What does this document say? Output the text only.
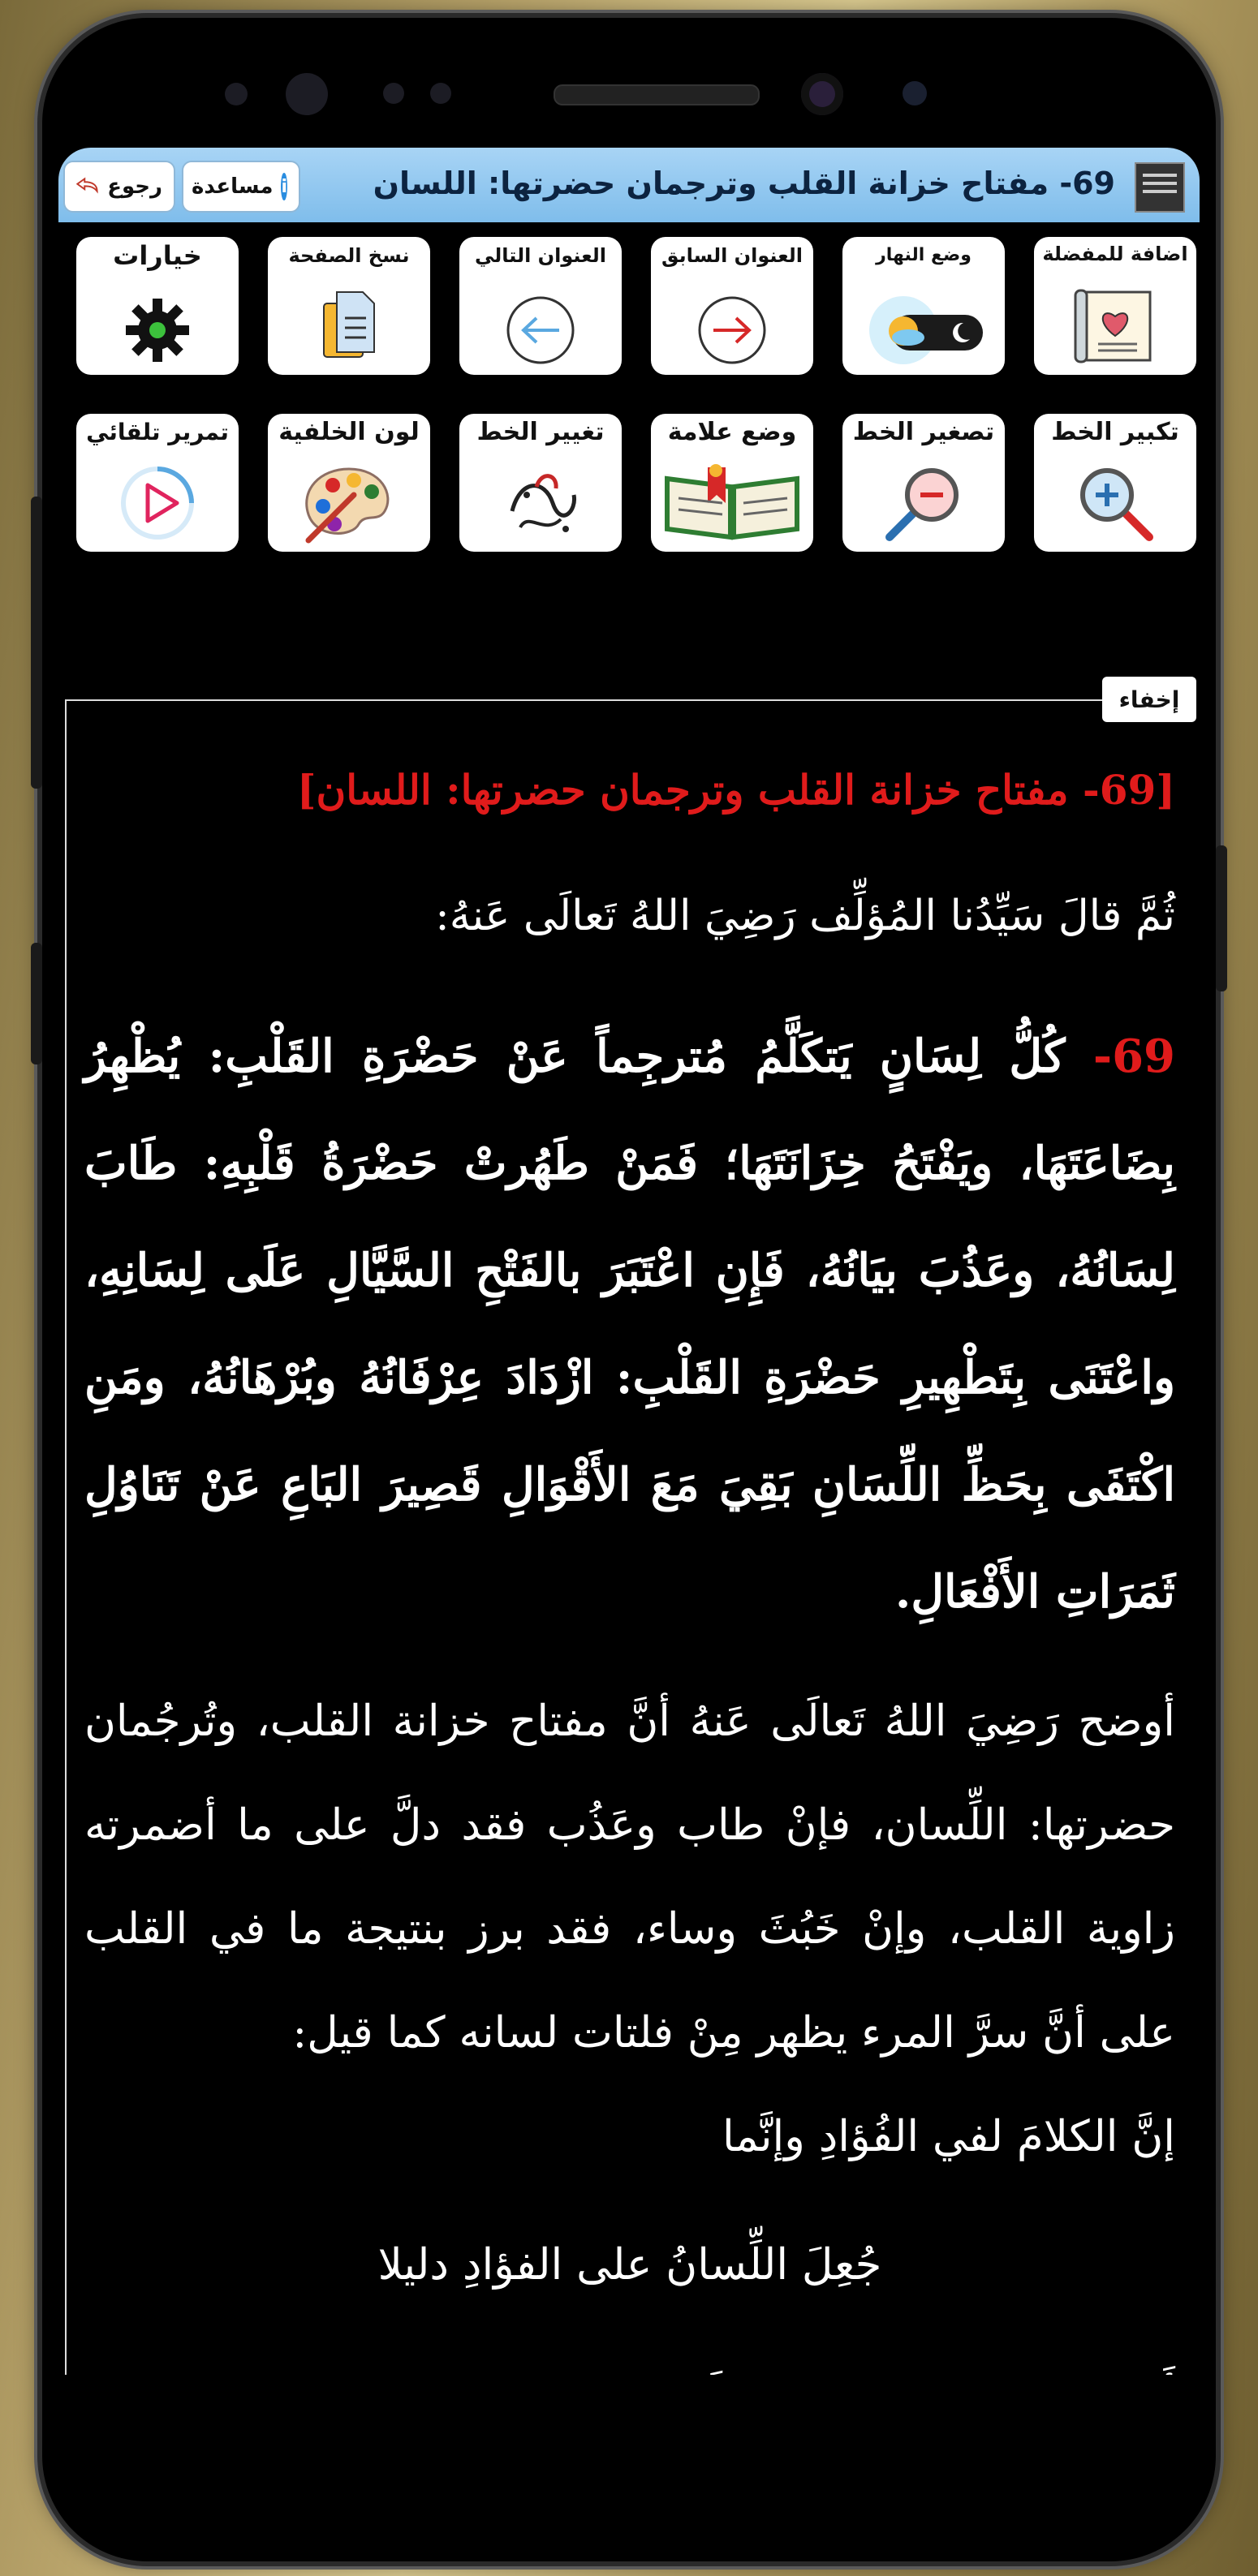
69- مفتاح خزانة القلب وترجمان حضرتها: اللسان
i
مساعدة
رجوع
اضافة للمفضلة
وضع النهار
العنوان السابق
العنوان التالي
نسخ الصفحة
خيارات
تكبير الخط
تصغير الخط
وضع علامة
تغيير الخط
لون الخلفية
تمرير تلقائي

[69- مفتاح خزانة القلب وترجمان حضرتها: اللسان]

ثُمَّ قالَ سَيِّدُنا المُؤلِّف رَضِيَ اللهُ تَعالَى عَنهُ:

69- كُلُّ لِسَانٍ يَتكَلَّمُ مُترجِماً عَنْ حَضْرَةِ القَلْبِ: يُظْهِرُ بِضَاعَتَهَا، ويَفْتَحُ خِزَانَتَهَا؛ فَمَنْ طَهُرتْ حَضْرَةُ قَلْبِهِ: طَابَ لِسَانُهُ، وعَذُبَ بيَانُهُ، فَإِنِ اعْتَبَرَ بالفَتْحِ السَّيَّالِ عَلَى لِسَانِهِ، واعْتَنَى بِتَطْهِيرِ حَضْرَةِ القَلْبِ: ازْدَادَ عِرْفَانُهُ وبُرْهَانُهُ، ومَنِ اكْتَفَى بِحَظِّ اللِّسَانِ بَقِيَ مَعَ الأَقْوَالِ قَصِيرَ البَاعِ عَنْ تَنَاوُلِ ثَمَرَاتِ الأَفْعَالِ.

أوضح رَضِيَ اللهُ تَعالَى عَنهُ أنَّ مفتاح خزانة القلب، وتُرجُمان حضرتها: اللِّسان، فإنْ طاب وعَذُب فقد دلَّ على ما أضمرته زاوية القلب، وإنْ خَبُثَ وساء، فقد برز بنتيجة ما في القلب على أنَّ سرَّ المرء يظهر مِنْ فلتات لسانه كما قيل:

إنَّ الكلامَ لفي الفُؤادِ وإنَّما

جُعِلَ اللِّسانُ على الفؤادِ دليلا

إخفاء
